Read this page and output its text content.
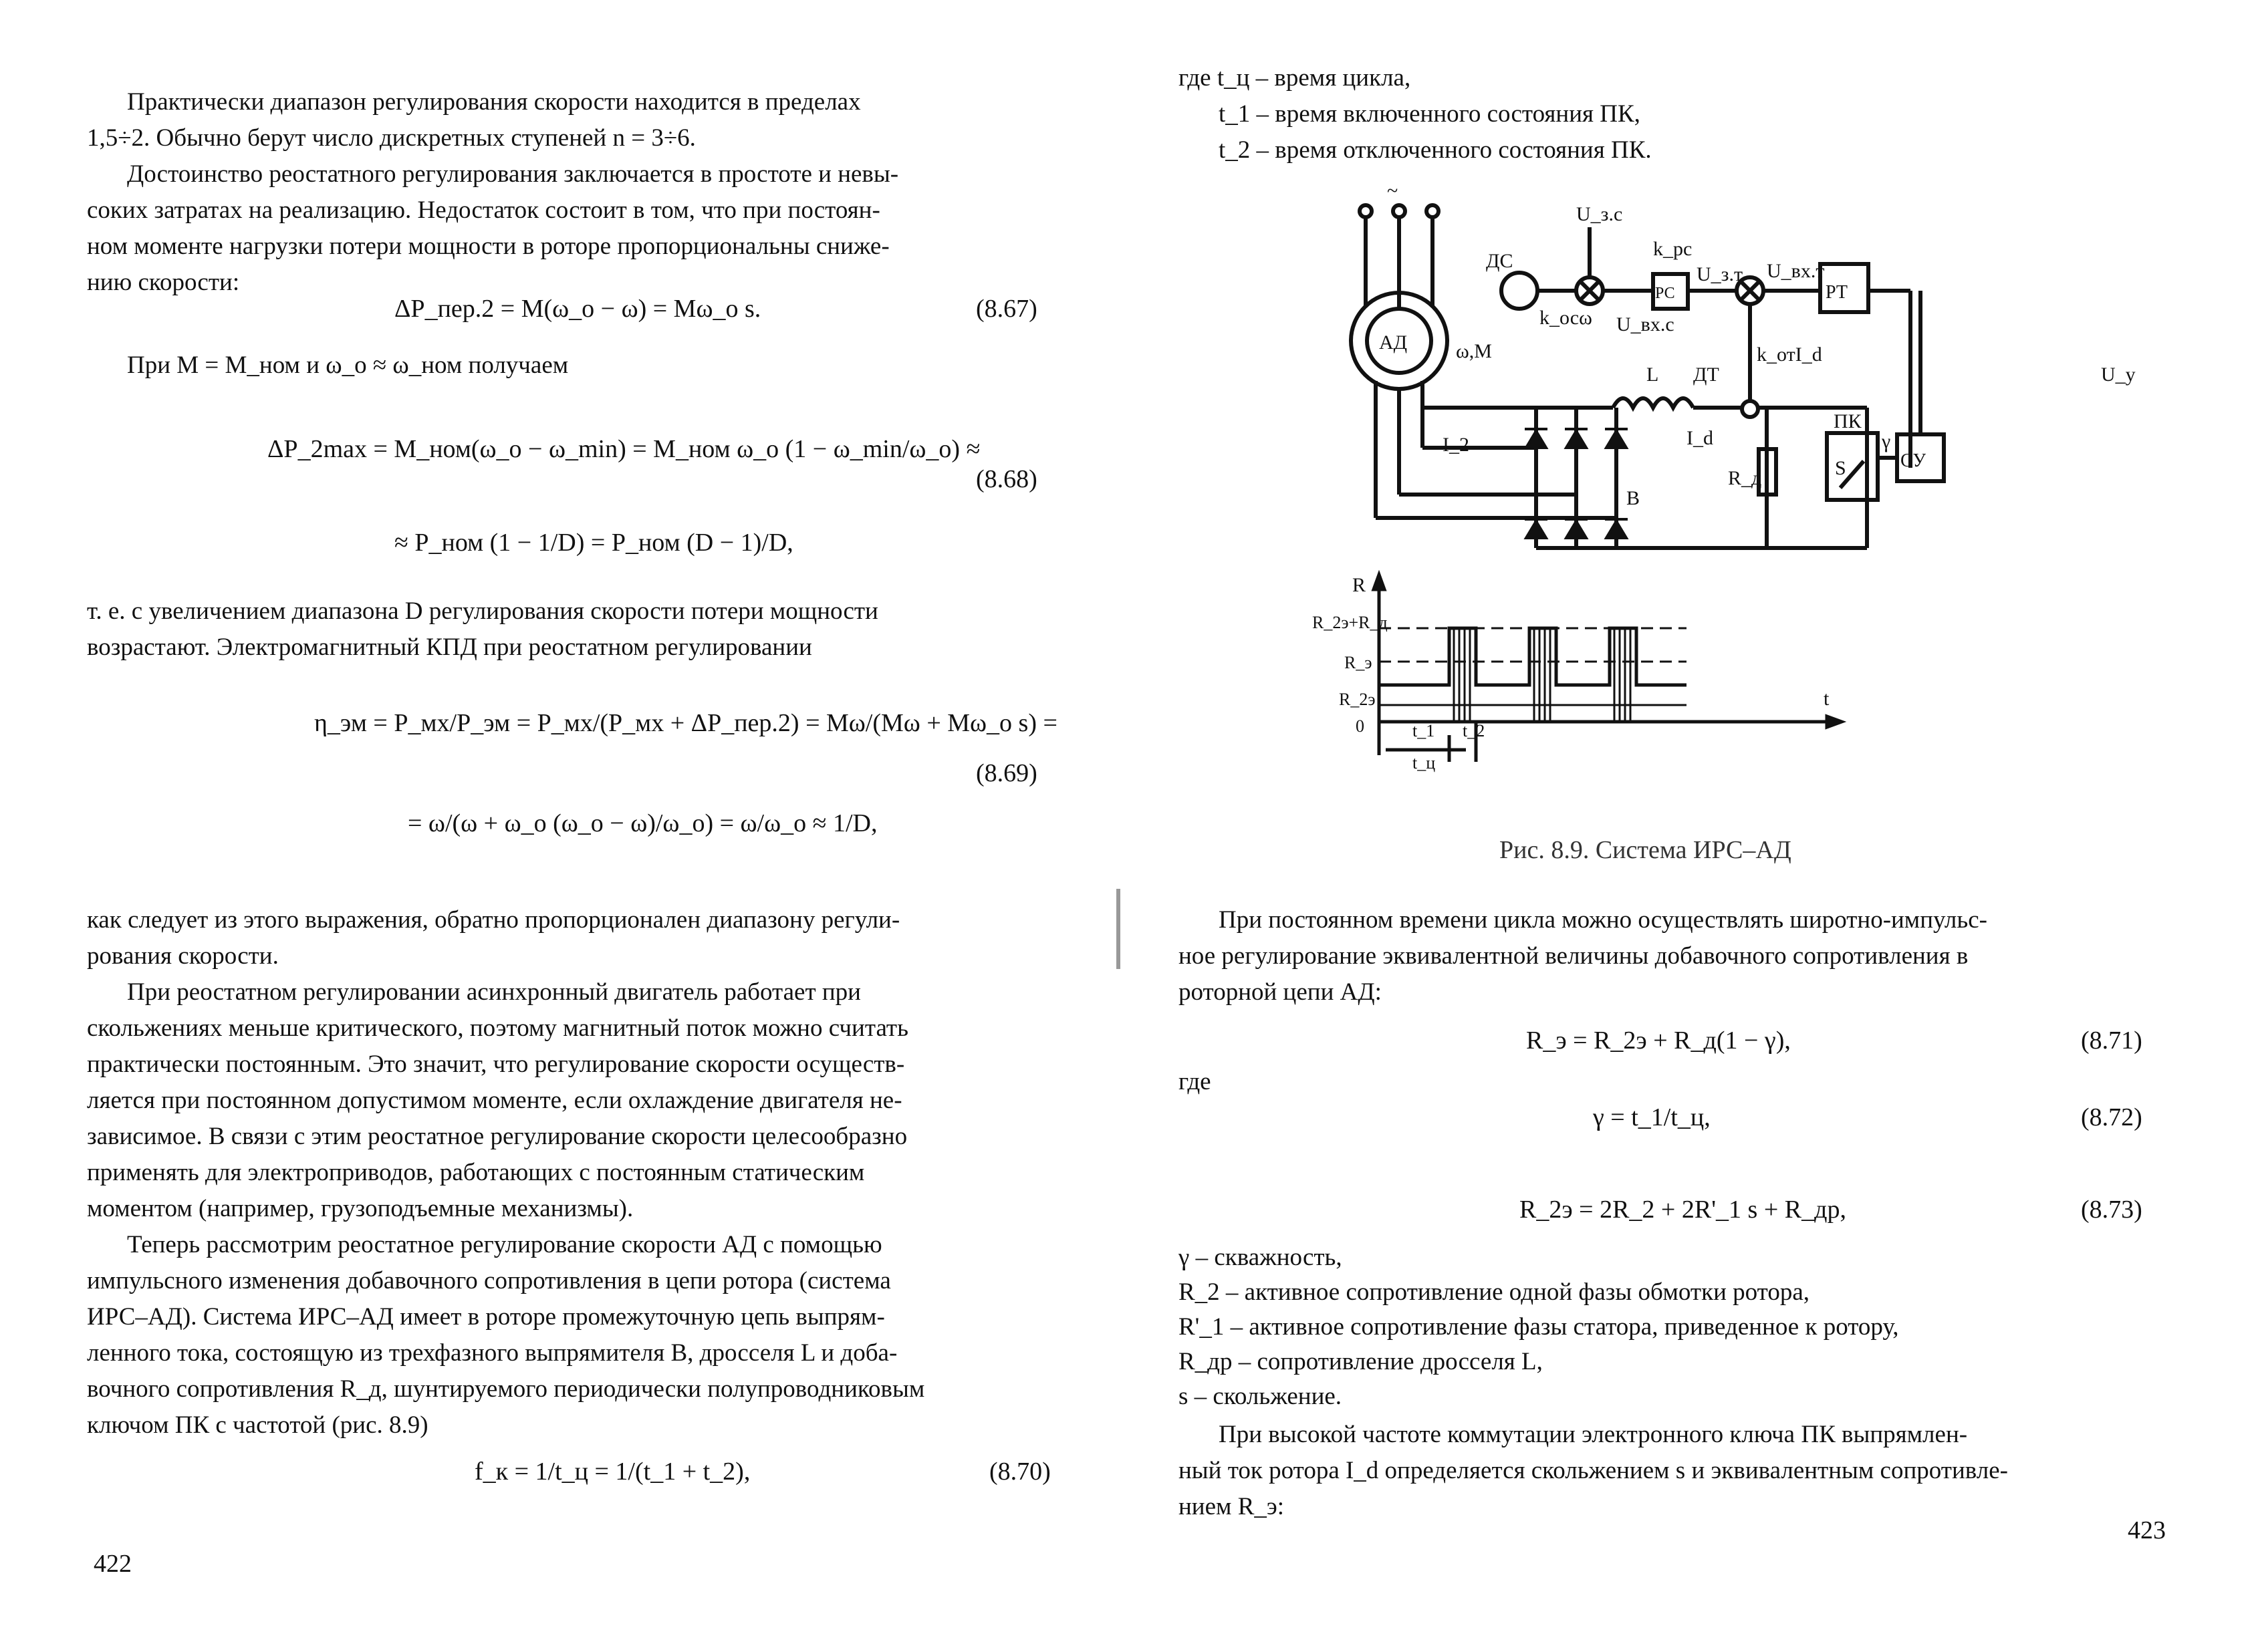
Практически диапазон регулирования скорости находится в пределах
1,5÷2. Обычно берут число дискретных ступеней n = 3÷6.
Достоинство реостатного регулирования заключается в простоте и невы-
соких затратах на реализацию. Недостаток состоит в том, что при постоян-
ном моменте нагрузки потери мощности в роторе пропорциональны сниже-
нию скорости:
ΔP_пер.2 = M(ω_o − ω) = Mω_o s.	(8.67)
При M = M_ном и ω_o ≈ ω_ном получаем
ΔP_2max = M_ном(ω_o − ω_min) = M_ном ω_o (1 − ω_min/ω_o) ≈
≈ P_ном (1 − 1/D) = P_ном (D − 1)/D,
(8.68)
т. е. с увеличением диапазона D регулирования скорости потери мощности
возрастают. Электромагнитный КПД при реостатном регулировании
η_эм = P_мх/P_эм = P_мх/(P_мх + ΔP_пер.2) = Mω/(Mω + Mω_o s) =
= ω/(ω + ω_o (ω_o − ω)/ω_o) = ω/ω_o ≈ 1/D,
(8.69)
как следует из этого выражения, обратно пропорционален диапазону регули-
рования скорости.
При реостатном регулировании асинхронный двигатель работает при
скольжениях меньше критического, поэтому магнитный поток можно считать
практически постоянным. Это значит, что регулирование скорости осуществ-
ляется при постоянном допустимом моменте, если охлаждение двигателя не-
зависимое. В связи с этим реостатное регулирование скорости целесообразно
применять для электроприводов, работающих с постоянным статическим
моментом (например, грузоподъемные механизмы).
Теперь рассмотрим реостатное регулирование скорости АД с помощью
импульсного изменения добавочного сопротивления в цепи ротора (система
ИРС–АД). Система ИРС–АД имеет в роторе промежуточную цепь выпрям-
ленного тока, состоящую из трехфазного выпрямителя В, дросселя L и доба-
вочного сопротивления R_д, шунтируемого периодически полупроводниковым
ключом ПК с частотой (рис. 8.9)
f_к = 1/t_ц = 1/(t_1 + t_2),	(8.70)
422
где t_ц – время цикла,
t_1 – время включенного состояния ПК,
t_2 – время отключенного состояния ПК.
~
АД
ДС
U_з.с
k_рс
РС
U_з.т U_вх.т
РТ
ω,M
k_осω U_вх.с
k_отI_d
ДТ
L
I_d
I_2
В
R_д
ПК
S
γ
СУ
U_y
R
R_2э+R_д
R_э
R_2э
0
t
t_1 t_2
t_ц
Рис. 8.9. Система ИРС–АД
При постоянном времени цикла можно осуществлять широтно-импульс-
ное регулирование эквивалентной величины добавочного сопротивления в
роторной цепи АД:
R_э = R_2э + R_д(1 − γ),	(8.71)
где
γ = t_1/t_ц,	(8.72)
R_2э = 2R_2 + 2R'_1 s + R_др,	(8.73)
γ – скважность,
R_2 – активное сопротивление одной фазы обмотки ротора,
R'_1 – активное сопротивление фазы статора, приведенное к ротору,
R_др – сопротивление дросселя L,
s – скольжение.
При высокой частоте коммутации электронного ключа ПК выпрямлен-
ный ток ротора I_d определяется скольжением s и эквивалентным сопротивле-
нием R_э:
423
